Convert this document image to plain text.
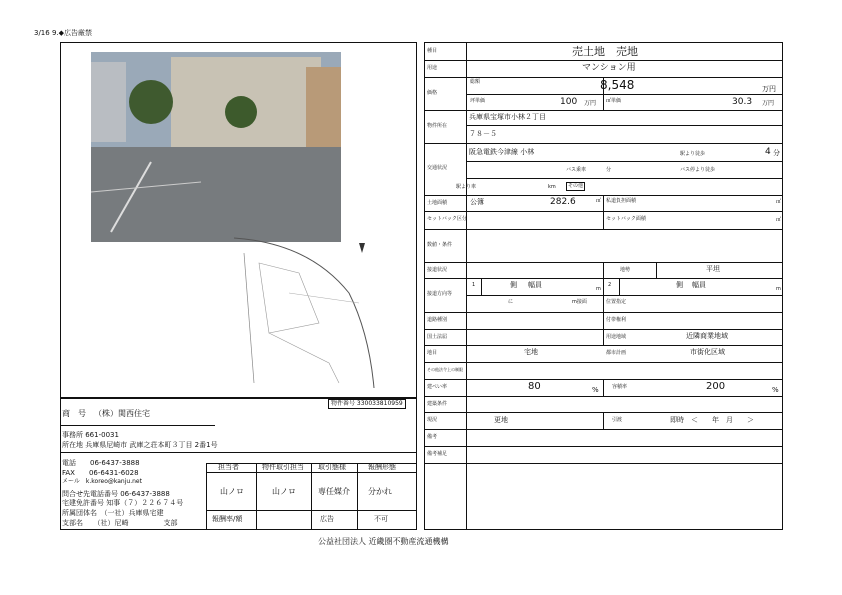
3/16 9.◆広告厳禁
物件番号 330033810959
商　号 （株）関西住宅
事務所 661-0031
所在地 兵庫県尼崎市 武庫之荘本町３丁目 2番1号
電話　　06-6437-3888
FAX　　06-6431-6028
メール　k.koreo@kanju.net
問合せ先電話番号 06-6437-3888
宅建免許番号 知事（７）２２６７４号
所属団体名　（一社）兵庫県宅建
支部名　　（社）尼崎　　　　　支部
担当者	物件取引担当 取引態様	報酬形態
山ノロ	山ノロ	専任媒介 分かれ
報酬率/額	広告	不可
種目	売土地　売地
用途	マンション用
価格
総額	8,548	万円
坪単価	100 万円 ㎡単価	30.3 万円
物件所在
兵庫県宝塚市小林２丁目
７８－５
交通状況
阪急電鉄今津線 小林	駅より徒歩	4 分
バス乗車	分	バス停より徒歩
駅より車	km	その他
土地面積	公簿	282.6	㎡ 私道負担面積	㎡
セットバック区分	セットバック面積	㎡
数値・条件
接道状況	地勢	平坦
接道方向等
1	側 幅員	m
2	側 幅員	m
に	m接面	位置指定
道路種別	付帯権利
国土法届	用途地域	近隣商業地域
地目	宅地	都市計画	市街化区域
その他法令上の制限
建ぺい率	80	%	容積率	200	%
建築条件
現況	更地	引渡	即時　＜　　年　月　　＞
備考
備考補足
公益社団法人 近畿圏不動産流通機構
